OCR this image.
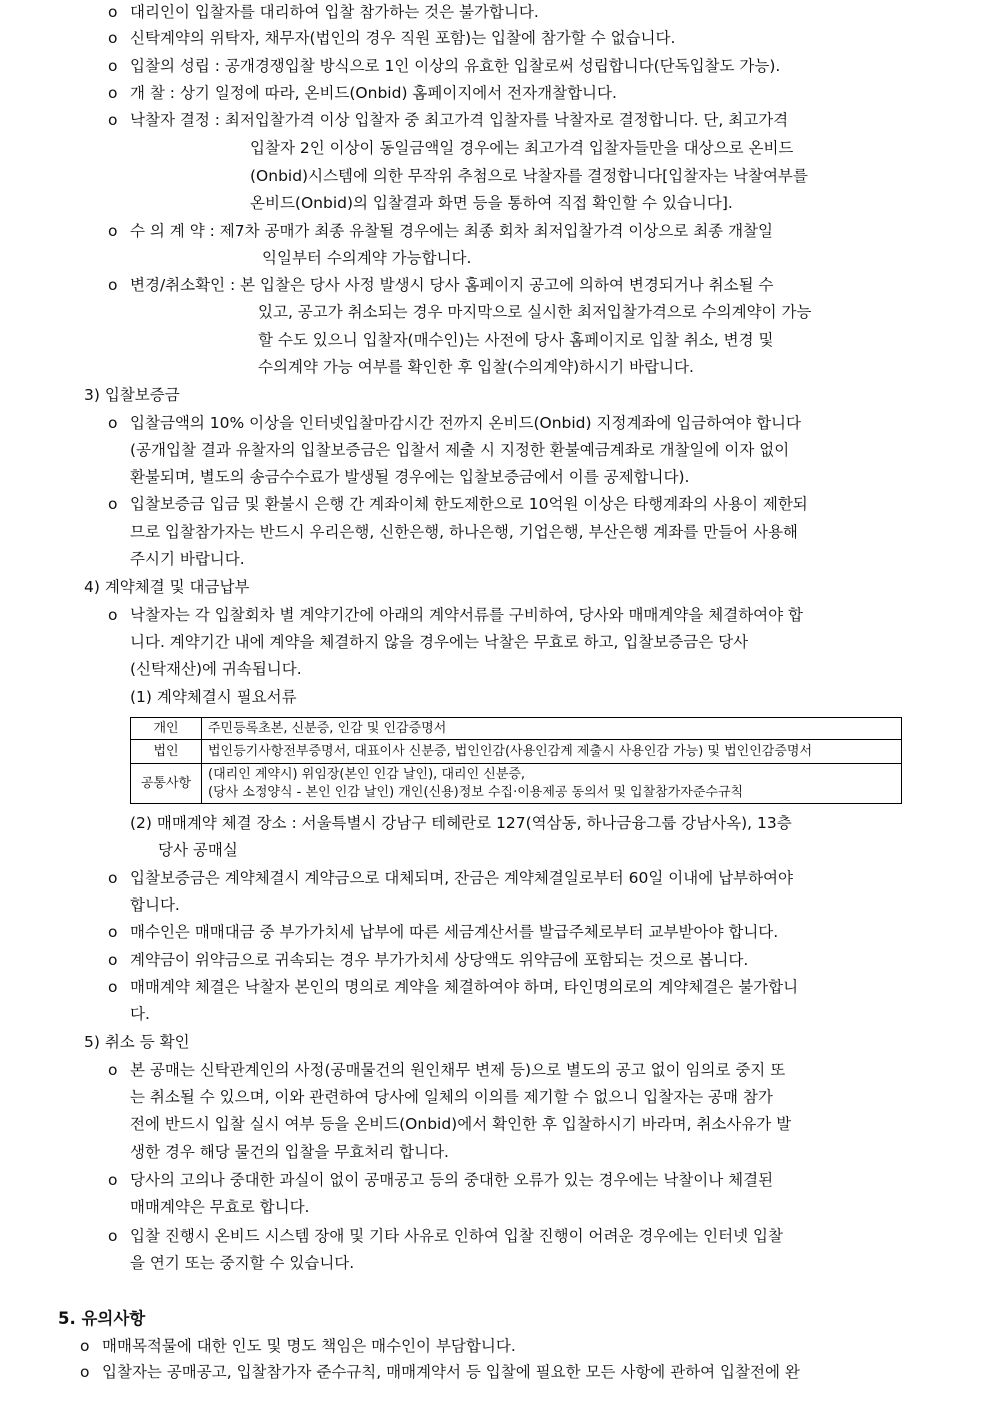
o 대리인이 입찰자를 대리하여 입찰 참가하는 것은 불가합니다.
o 신탁계약의 위탁자, 채무자(법인의 경우 직원 포함)는 입찰에 참가할 수 없습니다.
o 입찰의 성립 : 공개경쟁입찰 방식으로 1인 이상의 유효한 입찰로써 성립합니다(단독입찰도 가능).
o 개 찰 : 상기 일정에 따라, 온비드(Onbid) 홈페이지에서 전자개찰합니다.
o 낙찰자 결정 : 최저입찰가격 이상 입찰자 중 최고가격 입찰자를 낙찰자로 결정합니다. 단, 최고가격
입찰자 2인 이상이 동일금액일 경우에는 최고가격 입찰자들만을 대상으로 온비드
(Onbid)시스템에 의한 무작위 추첨으로 낙찰자를 결정합니다[입찰자는 낙찰여부를
온비드(Onbid)의 입찰결과 화면 등을 통하여 직접 확인할 수 있습니다].
o 수 의 계 약 : 제7차 공매가 최종 유찰될 경우에는 최종 회차 최저입찰가격 이상으로 최종 개찰일
익일부터 수의계약 가능합니다.
o 변경/취소확인 : 본 입찰은 당사 사정 발생시 당사 홈페이지 공고에 의하여 변경되거나 취소될 수
있고, 공고가 취소되는 경우 마지막으로 실시한 최저입찰가격으로 수의계약이 가능
할 수도 있으니 입찰자(매수인)는 사전에 당사 홈페이지로 입찰 취소, 변경 및
수의계약 가능 여부를 확인한 후 입찰(수의계약)하시기 바랍니다.
3) 입찰보증금
o 입찰금액의 10% 이상을 인터넷입찰마감시간 전까지 온비드(Onbid) 지정계좌에 입금하여야 합니다
(공개입찰 결과 유찰자의 입찰보증금은 입찰서 제출 시 지정한 환불예금계좌로 개찰일에 이자 없이
환불되며, 별도의 송금수수료가 발생될 경우에는 입찰보증금에서 이를 공제합니다).
o 입찰보증금 입금 및 환불시 은행 간 계좌이체 한도제한으로 10억원 이상은 타행계좌의 사용이 제한되
므로 입찰참가자는 반드시 우리은행, 신한은행, 하나은행, 기업은행, 부산은행 계좌를 만들어 사용해
주시기 바랍니다.
4) 계약체결 및 대금납부
o 낙찰자는 각 입찰회차 별 계약기간에 아래의 계약서류를 구비하여, 당사와 매매계약을 체결하여야 합
니다. 계약기간 내에 계약을 체결하지 않을 경우에는 낙찰은 무효로 하고, 입찰보증금은 당사
(신탁재산)에 귀속됩니다.
(1) 계약체결시 필요서류
개인	주민등록초본, 신분증, 인감 및 인감증명서
법인	법인등기사항전부증명서, 대표이사 신분증, 법인인감(사용인감계 제출시 사용인감 가능) 및 법인인감증명서
공통사항	(대리인 계약시) 위임장(본인 인감 날인), 대리인 신분증,
(당사 소정양식 - 본인 인감 날인) 개인(신용)정보 수집·이용제공 동의서 및 입찰참가자준수규칙
(2) 매매계약 체결 장소 : 서울특별시 강남구 테헤란로 127(역삼동, 하나금융그룹 강남사옥), 13층
당사 공매실
o 입찰보증금은 계약체결시 계약금으로 대체되며, 잔금은 계약체결일로부터 60일 이내에 납부하여야
합니다.
o 매수인은 매매대금 중 부가가치세 납부에 따른 세금계산서를 발급주체로부터 교부받아야 합니다.
o 계약금이 위약금으로 귀속되는 경우 부가가치세 상당액도 위약금에 포함되는 것으로 봅니다.
o 매매계약 체결은 낙찰자 본인의 명의로 계약을 체결하여야 하며, 타인명의로의 계약체결은 불가합니
다.
5) 취소 등 확인
o 본 공매는 신탁관계인의 사정(공매물건의 원인채무 변제 등)으로 별도의 공고 없이 임의로 중지 또
는 취소될 수 있으며, 이와 관련하여 당사에 일체의 이의를 제기할 수 없으니 입찰자는 공매 참가
전에 반드시 입찰 실시 여부 등을 온비드(Onbid)에서 확인한 후 입찰하시기 바라며, 취소사유가 발
생한 경우 해당 물건의 입찰을 무효처리 합니다.
o 당사의 고의나 중대한 과실이 없이 공매공고 등의 중대한 오류가 있는 경우에는 낙찰이나 체결된
매매계약은 무효로 합니다.
o 입찰 진행시 온비드 시스템 장애 및 기타 사유로 인하여 입찰 진행이 어려운 경우에는 인터넷 입찰
을 연기 또는 중지할 수 있습니다.
5. 유의사항
o 매매목적물에 대한 인도 및 명도 책임은 매수인이 부담합니다.
o 입찰자는 공매공고, 입찰참가자 준수규칙, 매매계약서 등 입찰에 필요한 모든 사항에 관하여 입찰전에 완
